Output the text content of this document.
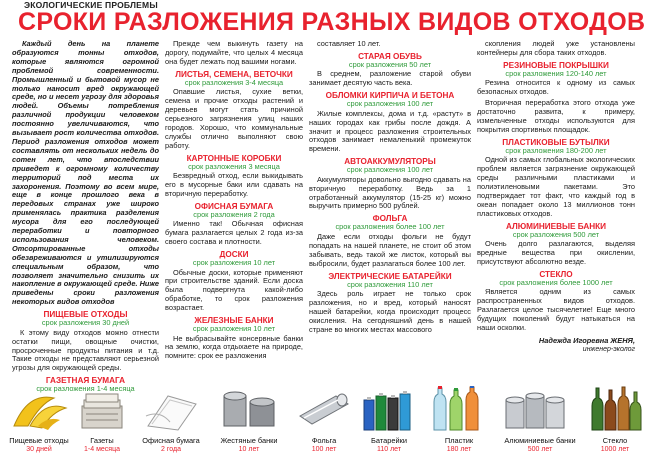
ЭКОЛОГИЧЕСКИЕ ПРОБЛЕМЫ
СРОКИ РАЗЛОЖЕНИЯ РАЗНЫХ ВИДОВ ОТХОДОВ
Каждый день на планете образуются тонны отходов, которые являются огромной проблемой современности. Промышленный и бытовой мусор не только наносит вред окружающей среде, но и несет угрозу для здоровья людей. Объемы потребления различной продукции человеком постоянно увеличиваются, что вызывает рост количества отходов. Период разложения отходов может составлять от нескольких недель до сотен лет, что впоследствии приведет к огромному количеству территорий под места их захоронения. Поэтому во всем мире, еще в конце прошлого века в передовых странах уже широко применялась практика разделения мусора для его последующей переработки и повторного использования человеком. Отсортированные отходы обезвреживаются и утилизируются специальным образом, что позволяет значительно снизить их накопление в окружающей среде. Ниже приведены сроки разложения некоторых видов отходов
ПИЩЕВЫЕ ОТХОДЫ
срок разложения 30 дней
К этому виду отходов можно отнести остатки пищи, овощные очистки, просроченные продукты питания и т.д. Такие отходы не представляют серьезной угрозы для окружающей среды.
ГАЗЕТНАЯ БУМАГА
срок разложения 1-4 месяца
Прежде чем выкинуть газету на дорогу, подумайте, что целых 4 месяца она будет лежать под вашими ногами.
ЛИСТЬЯ, СЕМЕНА, ВЕТОЧКИ
срок разложения 3-4 месяца
Опавшие листья, сухие ветки, семена и прочие отходы растений и деревьев могут стать причиной серьезного загрязнения улиц наших городов. Хорошо, что коммунальные службы отлично выполняют свою работу.
КАРТОННЫЕ КОРОБКИ
срок разложения 3 месяца
Безвредный отход, если выкидывать его в мусорные баки или сдавать на вторичную переработку.
ОФИСНАЯ БУМАГА
срок разложения 2 года
Именно так! Обычная офисная бумага разлагается целых 2 года из-за своего состава и плотности.
ДОСКИ
срок разложения 10 лет
Обычные доски, которые применяют при строительстве зданий. Если доска была подвергнута какой-либо обработке, то срок разложения возрастает.
ЖЕЛЕЗНЫЕ БАНКИ
срок разложения 10 лет
Не выбрасывайте консервные банки на землю, когда отдыхаете на природе, помните: срок ее разложения
составляет 10 лет.
СТАРАЯ ОБУВЬ
срок разложения 50 лет
В среднем, разложение старой обуви занимает десятую часть века.
ОБЛОМКИ КИРПИЧА И БЕТОНА
срок разложения 100 лет
Жилые комплексы, дома и т.д. «растут» в наших городах как грибы после дождя. А значит и процесс разложения строительных отходов занимает немаленький промежуток времени.
АВТОАККУМУЛЯТОРЫ
срок разложения 100 лет
Аккумуляторы довольно выгодно сдавать на вторичную переработку. Ведь за 1 отработанный аккумулятор (15-25 кг) можно выручить примерно 500 рублей.
ФОЛЬГА
срок разложения более 100 лет
Даже если отходы фольги не будут попадать на нашей планете, не стоит об этом забывать, ведь такой же листок, который вы выбросили, будет разлагаться более 100 лет.
ЭЛЕКТРИЧЕСКИЕ БАТАРЕЙКИ
срок разложения 110 лет
Здесь роль играет не только срок разложения, но и вред, который наносят нашей батарейки, когда происходит процесс окисления. На сегодняшний день в нашей стране во многих местах массового
скопления людей уже установлены контейнеры для сбора таких отходов.
РЕЗИНОВЫЕ ПОКРЫШКИ
срок разложения 120-140 лет
Резина относится к одному из самых безопасных отходов.
Вторичная переработка этого отхода уже достаточно развита, к примеру, измельченные отходы используются для покрытия спортивных площадок.
ПЛАСТИКОВЫЕ БУТЫЛКИ
срок разложения 180-200 лет
Одной из самых глобальных экологических проблем является загрязнение окружающей среды различными пластиками и полиэтиленовыми пакетами. Это подтверждает тот факт, что каждый год в океан попадает около 13 миллионов тонн пластиковых отходов.
АЛЮМИНИЕВЫЕ БАНКИ
срок разложения 500 лет
Очень долго разлагаются, выделяя вредные вещества при окислении, присутствуют абсолютно везде.
СТЕКЛО
срок разложения более 1000 лет
Является одним из самых распространенных видов отходов. Разлагается целое тысячелетие! Еще много будущих поколений будут натыкаться на наши осколки.
Надежда Игоревна ЖЕНЯ,
инженер-эколог
Пищевые отходы
30 дней
Газеты
1-4 месяца
Офисная бумага
2 года
Жестяные банки
10 лет
Фольга
100 лет
Батарейки
110 лет
Пластик
180 лет
Алюминиевые банки
500 лет
Стекло
1000 лет
